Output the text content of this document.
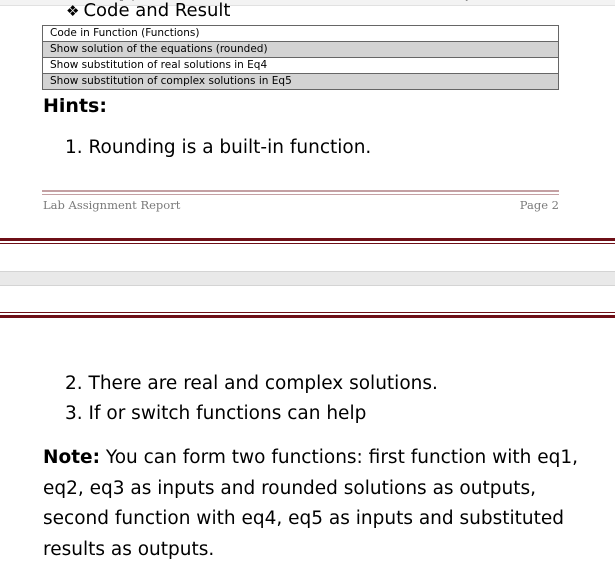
❖ Code and Result
Code in Function (Functions)
Show solution of the equations (rounded)
Show substitution of real solutions in Eq4
Show substitution of complex solutions in Eq5
Hints:
1. Rounding is a built-in function.
Lab Assignment Report	Page 2
2. There are real and complex solutions.
3. If or switch functions can help
Note: You can form two functions: first function with eq1, eq2, eq3 as inputs and rounded solutions as outputs, second function with eq4, eq5 as inputs and substituted results as outputs.
